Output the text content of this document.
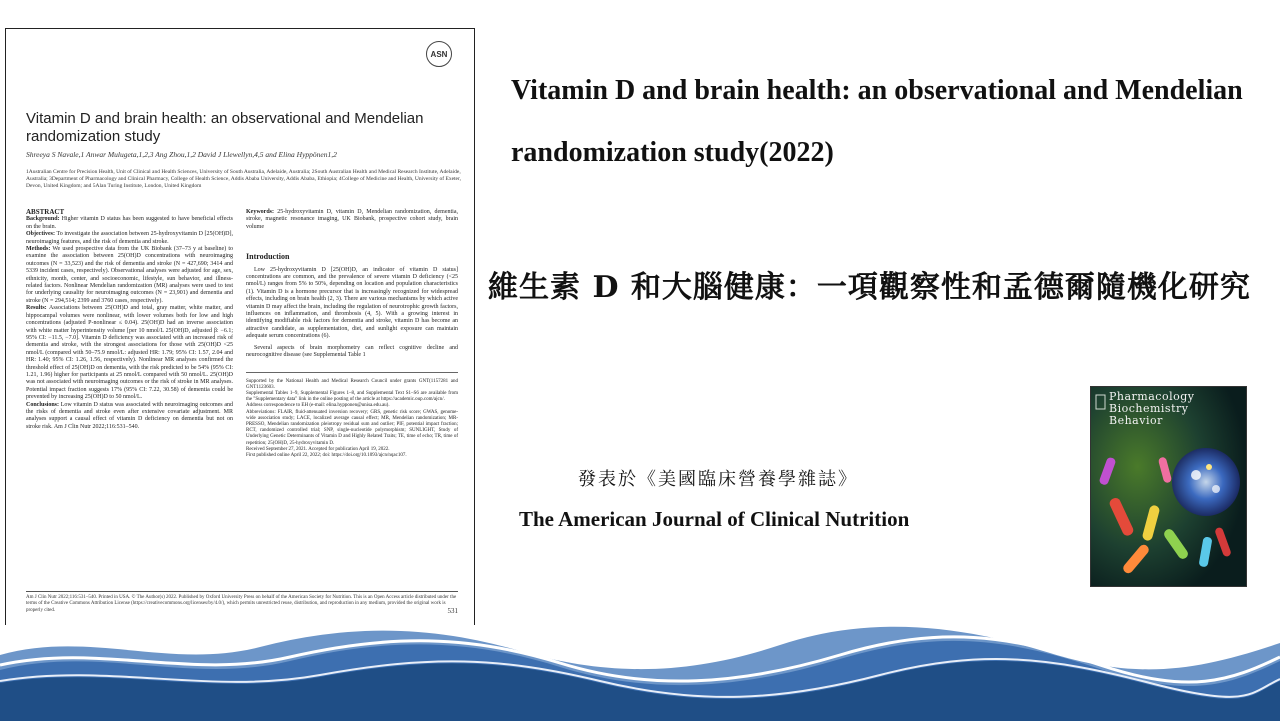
ASN
Vitamin D and brain health: an observational and Mendelian randomization study
Shreeya S Navale,1 Anwar Mulugeta,1,2,3 Ang Zhou,1,2 David J Llewellyn,4,5 and Elina Hyppönen1,2
1Australian Centre for Precision Health, Unit of Clinical and Health Sciences, University of South Australia, Adelaide, Australia; 2South Australian Health and Medical Research Institute, Adelaide, Australia; 3Department of Pharmacology and Clinical Pharmacy, College of Health Science, Addis Ababa University, Addis Ababa, Ethiopia; 4College of Medicine and Health, University of Exeter, Devon, United Kingdom; and 5Alan Turing Institute, London, United Kingdom
ABSTRACT
Background: Higher vitamin D status has been suggested to have beneficial effects on the brain.
Objectives: To investigate the association between 25-hydroxyvitamin D [25(OH)D], neuroimaging features, and the risk of dementia and stroke.
Methods: We used prospective data from the UK Biobank (37–73 y at baseline) to examine the association between 25(OH)D concentrations with neuroimaging outcomes (N = 33,523) and the risk of dementia and stroke (N = 427,690; 3414 and 5339 incident cases, respectively). Observational analyses were adjusted for age, sex, ethnicity, month, center, and socioeconomic, lifestyle, sun behavior, and illness-related factors. Nonlinear Mendelian randomization (MR) analyses were used to test for underlying causality for neuroimaging outcomes (N = 23,901) and dementia and stroke (N = 294,514; 2399 and 3760 cases, respectively).
Results: Associations between 25(OH)D and total, gray matter, white matter, and hippocampal volumes were nonlinear, with lower volumes both for low and high concentrations (adjusted P-nonlinear ≤ 0.04). 25(OH)D had an inverse association with white matter hyperintensity volume [per 10 nmol/L 25(OH)D, adjusted β: −6.1; 95% CI: −11.5, −7.0]. Vitamin D deficiency was associated with an increased risk of dementia and stroke, with the strongest associations for those with 25(OH)D <25 nmol/L (compared with 50–75.9 nmol/L: adjusted HR: 1.79; 95% CI: 1.57, 2.04 and HR: 1.40; 95% CI: 1.26, 1.56, respectively). Nonlinear MR analyses confirmed the threshold effect of 25(OH)D on dementia, with the risk predicted to be 54% (95% CI: 1.21, 1.96) higher for participants at 25 nmol/L compared with 50 nmol/L. 25(OH)D was not associated with neuroimaging outcomes or the risk of stroke in MR analyses. Potential impact fraction suggests 17% (95% CI: 7.22, 30.58) of dementia could be prevented by increasing 25(OH)D to 50 nmol/L.
Conclusions: Low vitamin D status was associated with neuroimaging outcomes and the risks of dementia and stroke even after extensive covariate adjustment. MR analyses support a causal effect of vitamin D deficiency on dementia but not on stroke risk. Am J Clin Nutr 2022;116:531–540.
Keywords: 25-hydroxyvitamin D, vitamin D, Mendelian randomization, dementia, stroke, magnetic resonance imaging, UK Biobank, prospective cohort study, brain volume
Introduction

Low 25-hydroxyvitamin D [25(OH)D, an indicator of vitamin D status] concentrations are common, and the prevalence of severe vitamin D deficiency (<25 nmol/L) ranges from 5% to 50%, depending on location and population characteristics (1). Vitamin D is a hormone precursor that is increasingly recognized for widespread effects, including on brain health (2, 3). There are various mechanisms by which active vitamin D may affect the brain, including the regulation of neurotrophic growth factors, influences on inflammation, and thrombosis (4, 5). With a growing interest in identifying modifiable risk factors for dementia and stroke, vitamin D has become an attractive candidate, as supplementation, diet, and sunlight exposure can maintain adequate serum concentrations (6).

Several aspects of brain morphometry can reflect cognitive decline and neurocognitive disease (see Supplemental Table 1

Supported by the National Health and Medical Research Council under grants GNT(1157281 and GNT1123603.
Supplemental Tables 1–9, Supplemental Figures 1–8, and Supplemental Text S1–S6 are available from the "Supplementary data" link in the online posting of the article at https://academic.oup.com/ajcn/.
Address correspondence to EH (e-mail: elina.hypponen@unisa.edu.au).
Abbreviations: FLAIR, fluid-attenuated inversion recovery; GRS, genetic risk score; GWAS, genome-wide association study; LACE, localized average causal effect; MR, Mendelian randomization; MR-PRESSO, Mendelian randomization pleiotropy residual sum and outlier; PIF, potential impact fraction; RCT, randomized controlled trial; SNP, single-nucleotide polymorphism; SUNLIGHT, Study of Underlying Genetic Determinants of Vitamin D and Highly Related Traits; TE, time of echo; TR, time of repetition; 25(OH)D, 25-hydroxyvitamin D.
Received September 27, 2021. Accepted for publication April 19, 2022.
First published online April 22, 2022; doi: https://doi.org/10.1093/ajcn/nqac107.
Am J Clin Nutr 2022;116:531–540. Printed in USA. © The Author(s) 2022. Published by Oxford University Press on behalf of the American Society for Nutrition. This is an Open Access article distributed under the terms of the Creative Commons Attribution License (https://creativecommons.org/licenses/by/4.0/), which permits unrestricted reuse, distribution, and reproduction in any medium, provided the original work is properly cited.	531
Vitamin D and brain health: an observational and Mendelian randomization study(2022)
維生素 D 和大腦健康：一項觀察性和孟德爾隨機化研究
發表於《美國臨床營養學雜誌》
The American Journal of Clinical Nutrition
Pharmacology
Biochemistry
Behavior
